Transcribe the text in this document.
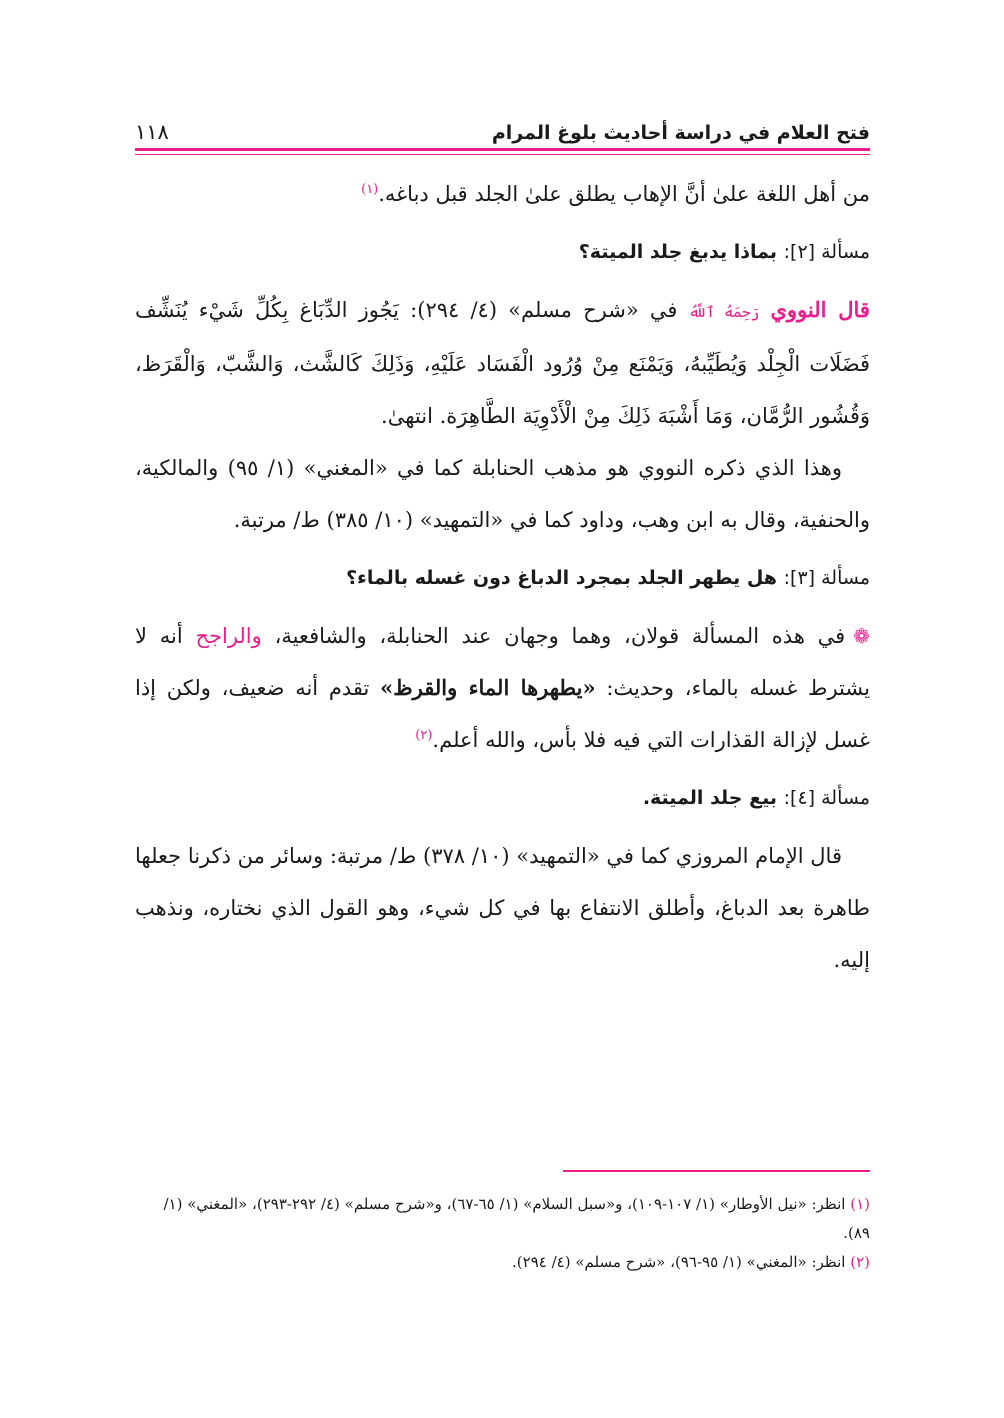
فتح العلام في دراسة أحاديث بلوغ المرام
١١٨

من أهل اللغة علىٰ أنَّ الإهاب يطلق علىٰ الجلد قبل دباغه.$^{(١)}$

مسألة [٢]: بماذا يدبغ جلد الميتة؟

قال النووي رَحِمَهُ ٱللَّهُ في «شرح مسلم» (٤/ ٢٩٤): يَجُوز الدِّبَاغ بِكُلِّ شَيْء يُنَشِّف فَضَلَات الْجِلْد وَيُطَيِّبهُ، وَيَمْنَع مِنْ وُرُود الْفَسَاد عَلَيْهِ، وَذَلِكَ كَالشَّث، وَالشَّبّ، وَالْقَرَظ، وَقُشُور الرُّمَّان، وَمَا أَشْبَهَ ذَلِكَ مِنْ الْأَدْوِيَة الطَّاهِرَة. انتهىٰ.

وهذا الذي ذكره النووي هو مذهب الحنابلة كما في «المغني» (١/ ٩٥) والمالكية، والحنفية، وقال به ابن وهب، وداود كما في «التمهيد» (١٠/ ٣٨٥) ط/ مرتبة.

مسألة [٣]: هل يطهر الجلد بمجرد الدباغ دون غسله بالماء؟

❁في هذه المسألة قولان، وهما وجهان عند الحنابلة، والشافعية، والراجح أنه لا يشترط غسله بالماء، وحديث: «يطهرها الماء والقرظ» تقدم أنه ضعيف، ولكن إذا غسل لإزالة القذارات التي فيه فلا بأس، والله أعلم.$^{(٢)}$

مسألة [٤]: بيع جلد الميتة.

قال الإمام المروزي كما في «التمهيد» (١٠/ ٣٧٨) ط/ مرتبة: وسائر من ذكرنا جعلها طاهرة بعد الدباغ، وأطلق الانتفاع بها في كل شيء، وهو القول الذي نختاره، ونذهب إليه.

(١) انظر: «نيل الأوطار» (١/ ١٠٧-١٠٩)، و«سبل السلام» (١/ ٦٥-٦٧)، و«شرح مسلم» (٤/ ٢٩٢-٢٩٣)، «المغني» (١/ ٨٩).
(٢) انظر: «المغني» (١/ ٩٥-٩٦)، «شرح مسلم» (٤/ ٢٩٤).
